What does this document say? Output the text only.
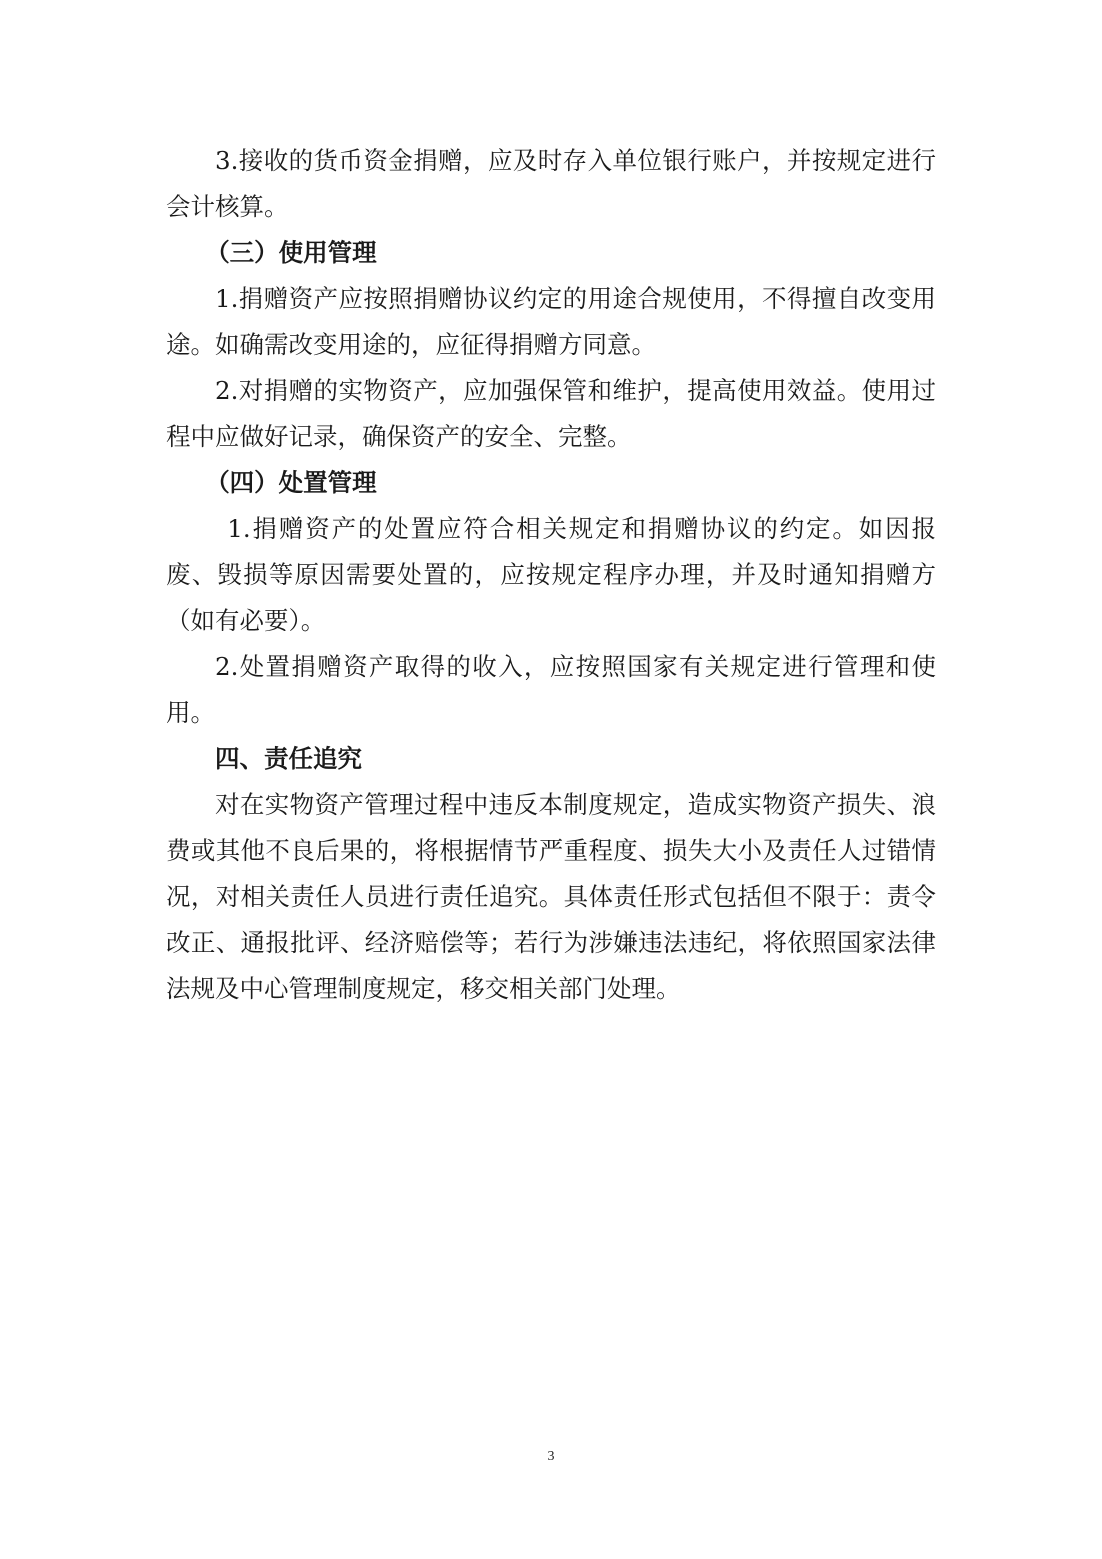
3.接收的货币资金捐赠，应及时存入单位银行账户，并按规定进行会计核算。

（三）使用管理

1.捐赠资产应按照捐赠协议约定的用途合规使用，不得擅自改变用途。如确需改变用途的，应征得捐赠方同意。

2.对捐赠的实物资产，应加强保管和维护，提高使用效益。使用过程中应做好记录，确保资产的安全、完整。

（四）处置管理

1.捐赠资产的处置应符合相关规定和捐赠协议的约定。如因报废、毁损等原因需要处置的，应按规定程序办理，并及时通知捐赠方（如有必要）。

2.处置捐赠资产取得的收入，应按照国家有关规定进行管理和使用。

四、责任追究

对在实物资产管理过程中违反本制度规定，造成实物资产损失、浪费或其他不良后果的，将根据情节严重程度、损失大小及责任人过错情况，对相关责任人员进行责任追究。具体责任形式包括但不限于：责令改正、通报批评、经济赔偿等；若行为涉嫌违法违纪，将依照国家法律法规及中心管理制度规定，移交相关部门处理。

3
